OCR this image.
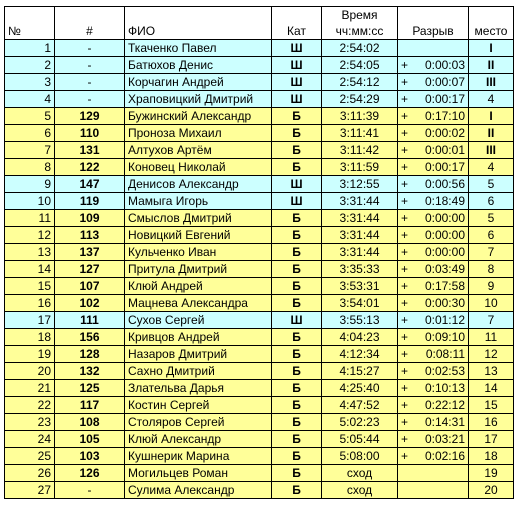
				Время		
№	#	ФИО	Кат	чч:мм:сс	Разрыв	место
1	-	Ткаченко Павел	Ш	2:54:02		I
2	-	Батюхов Денис	Ш	2:54:05	+ 0:00:03	II
3	-	Корчагин Андрей	Ш	2:54:12	+ 0:00:07	III
4	-	Храповицкий Дмитрий	Ш	2:54:29	+ 0:00:17	4
5	129	Бужинский Александр	Б	3:11:39	+ 0:17:10	I
6	110	Проноза Михаил	Б	3:11:41	+ 0:00:02	II
7	131	Алтухов Артём	Б	3:11:42	+ 0:00:01	III
8	122	Коновец Николай	Б	3:11:59	+ 0:00:17	4
9	147	Денисов Александр	Ш	3:12:55	+ 0:00:56	5
10	119	Мамыга Игорь	Ш	3:31:44	+ 0:18:49	6
11	109	Смыслов Дмитрий	Б	3:31:44	+ 0:00:00	5
12	113	Новицкий Евгений	Б	3:31:44	+ 0:00:00	6
13	137	Кульченко Иван	Б	3:31:44	+ 0:00:00	7
14	127	Притула Дмитрий	Б	3:35:33	+ 0:03:49	8
15	107	Клюй Андрей	Б	3:53:31	+ 0:17:58	9
16	102	Мацнева Александра	Б	3:54:01	+ 0:00:30	10
17	111	Сухов Сергей	Ш	3:55:13	+ 0:01:12	7
18	156	Кривцов Андрей	Б	4:04:23	+ 0:09:10	11
19	128	Назаров Дмитрий	Б	4:12:34	+ 0:08:11	12
20	132	Сахно Дмитрий	Б	4:15:27	+ 0:02:53	13
21	125	Злательва Дарья	Б	4:25:40	+ 0:10:13	14
22	117	Костин Сергей	Б	4:47:52	+ 0:22:12	15
23	108	Столяров Сергей	Б	5:02:23	+ 0:14:31	16
24	105	Клюй Александр	Б	5:05:44	+ 0:03:21	17
25	103	Кушнерик Марина	Б	5:08:00	+ 0:02:16	18
26	126	Могильцев Роман	Б	сход		19
27	-	Сулима Александр	Б	сход		20
